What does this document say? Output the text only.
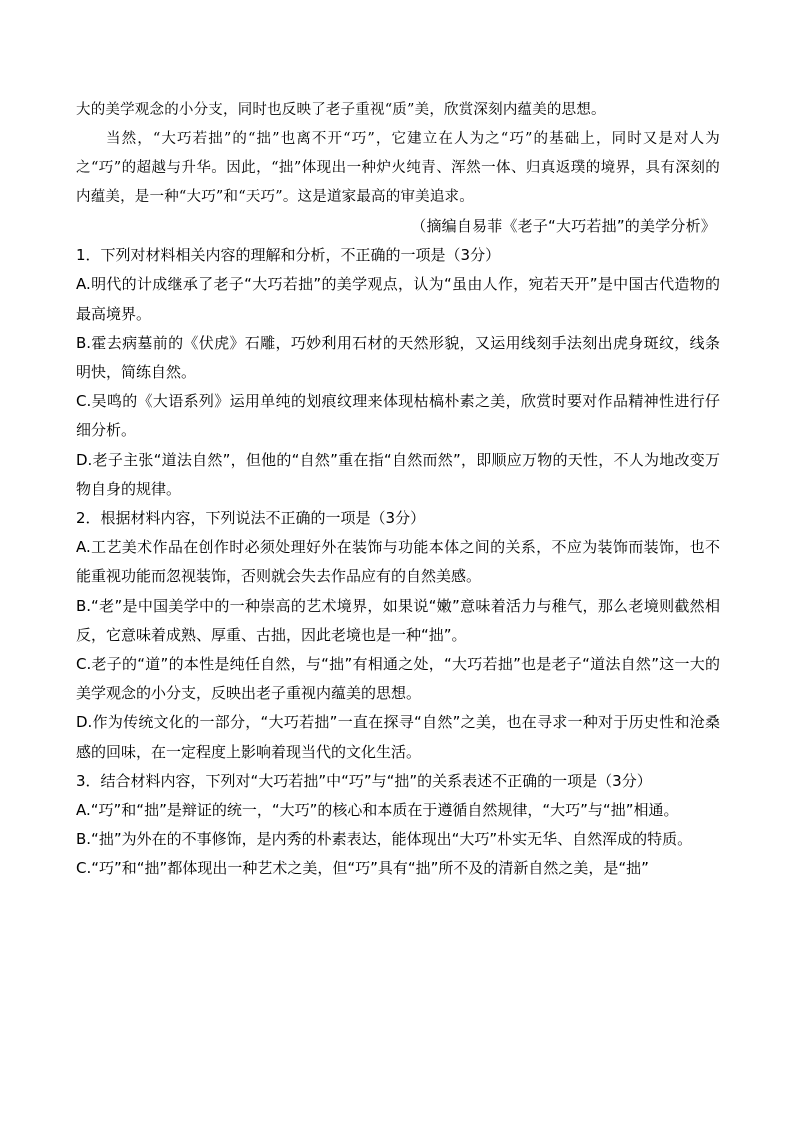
大的美学观念的小分支，同时也反映了老子重视“质”美，欣赏深刻内蕴美的思想。

当然，“大巧若拙”的“拙”也离不开“巧”，它建立在人为之“巧”的基础上，同时又是对人为之“巧”的超越与升华。因此，“拙”体现出一种炉火纯青、浑然一体、归真返璞的境界，具有深刻的内蕴美，是一种“大巧”和“天巧”。这是道家最高的审美追求。

（摘编自易菲《老子“大巧若拙”的美学分析》

1．下列对材料相关内容的理解和分析，不正确的一项是（3分）

A.明代的计成继承了老子“大巧若拙”的美学观点，认为“虽由人作，宛若天开”是中国古代造物的最高境界。

B.霍去病墓前的《伏虎》石雕，巧妙利用石材的天然形貌，又运用线刻手法刻出虎身斑纹，线条明快，简练自然。

C.吴鸣的《大语系列》运用单纯的划痕纹理来体现枯槁朴素之美，欣赏时要对作品精神性进行仔细分析。

D.老子主张“道法自然”，但他的“自然”重在指“自然而然”，即顺应万物的天性，不人为地改变万物自身的规律。

2．根据材料内容，下列说法不正确的一项是（3分）

A.工艺美术作品在创作时必须处理好外在装饰与功能本体之间的关系，不应为装饰而装饰，也不能重视功能而忽视装饰，否则就会失去作品应有的自然美感。

B.“老”是中国美学中的一种崇高的艺术境界，如果说“嫩”意味着活力与稚气，那么老境则截然相反，它意味着成熟、厚重、古拙，因此老境也是一种“拙”。

C.老子的“道”的本性是纯任自然，与“拙”有相通之处，“大巧若拙”也是老子“道法自然”这一大的美学观念的小分支，反映出老子重视内蕴美的思想。

D.作为传统文化的一部分，“大巧若拙”一直在探寻“自然”之美，也在寻求一种对于历史性和沧桑感的回味，在一定程度上影响着现当代的文化生活。

3．结合材料内容，下列对“大巧若拙”中“巧”与“拙”的关系表述不正确的一项是（3分）

A.“巧”和“拙”是辩证的统一，“大巧”的核心和本质在于遵循自然规律，“大巧”与“拙”相通。

B.“拙”为外在的不事修饰，是内秀的朴素表达，能体现出“大巧”朴实无华、自然浑成的特质。

C.“巧”和“拙”都体现出一种艺术之美，但“巧”具有“拙”所不及的清新自然之美，是“拙”
